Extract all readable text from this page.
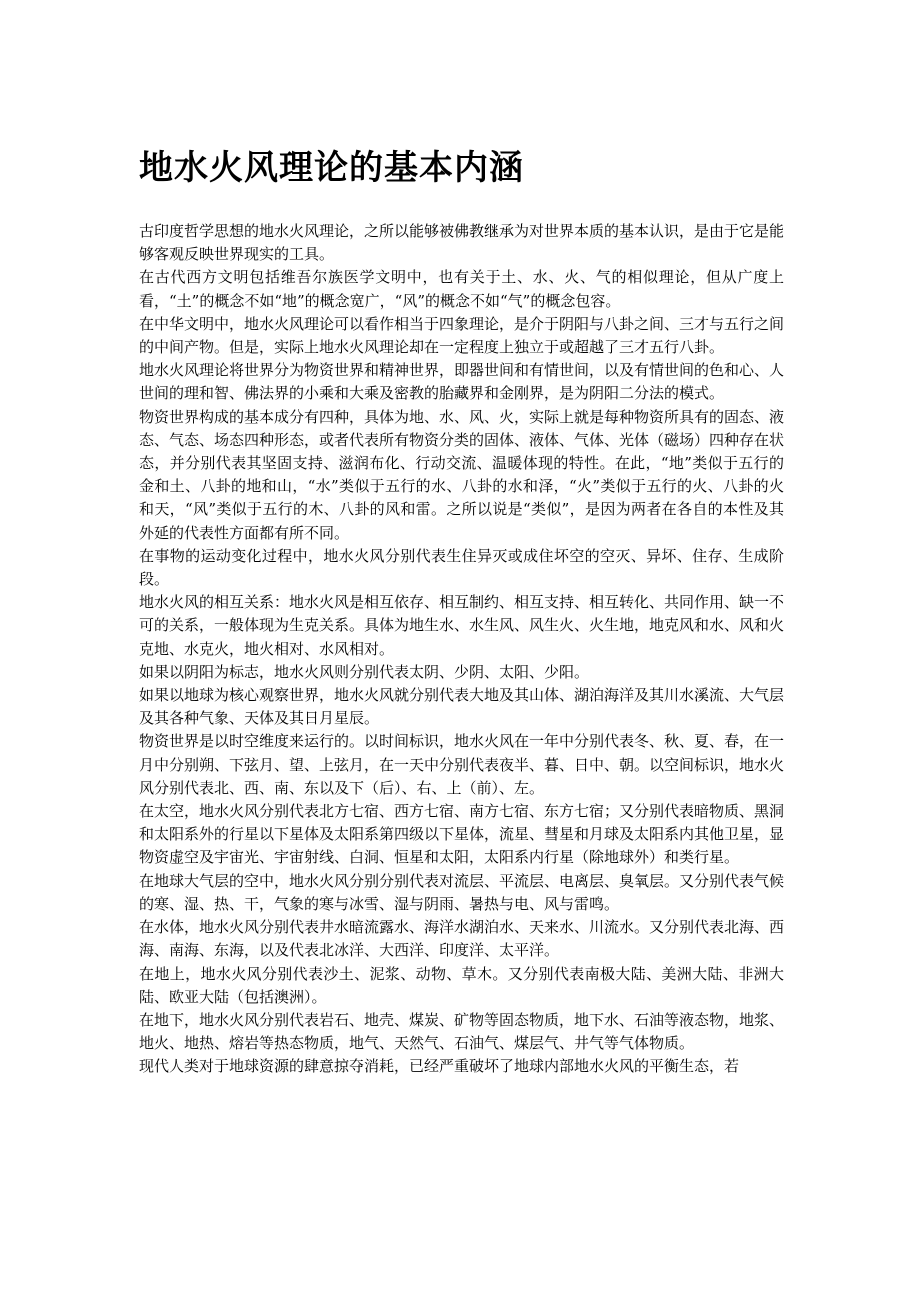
地水火风理论的基本内涵

古印度哲学思想的地水火风理论，之所以能够被佛教继承为对世界本质的基本认识，是由于它是能够客观反映世界现实的工具。

在古代西方文明包括维吾尔族医学文明中，也有关于土、水、火、气的相似理论，但从广度上看，“土”的概念不如“地”的概念宽广，“风”的概念不如“气”的概念包容。

在中华文明中，地水火风理论可以看作相当于四象理论，是介于阴阳与八卦之间、三才与五行之间的中间产物。但是，实际上地水火风理论却在一定程度上独立于或超越了三才五行八卦。

地水火风理论将世界分为物资世界和精神世界，即器世间和有情世间，以及有情世间的色和心、人世间的理和智、佛法界的小乘和大乘及密教的胎藏界和金刚界，是为阴阳二分法的模式。

物资世界构成的基本成分有四种，具体为地、水、风、火，实际上就是每种物资所具有的固态、液态、气态、场态四种形态，或者代表所有物资分类的固体、液体、气体、光体（磁场）四种存在状态，并分别代表其坚固支持、滋润布化、行动交流、温暖体现的特性。在此，“地”类似于五行的金和土、八卦的地和山，“水”类似于五行的水、八卦的水和泽，“火”类似于五行的火、八卦的火和天，“风”类似于五行的木、八卦的风和雷。之所以说是“类似”，是因为两者在各自的本性及其外延的代表性方面都有所不同。

在事物的运动变化过程中，地水火风分别代表生住异灭或成住坏空的空灭、异坏、住存、生成阶段。

地水火风的相互关系：地水火风是相互依存、相互制约、相互支持、相互转化、共同作用、缺一不可的关系，一般体现为生克关系。具体为地生水、水生风、风生火、火生地，地克风和水、风和火克地、水克火，地火相对、水风相对。

如果以阴阳为标志，地水火风则分别代表太阴、少阴、太阳、少阳。

如果以地球为核心观察世界，地水火风就分别代表大地及其山体、湖泊海洋及其川水溪流、大气层及其各种气象、天体及其日月星辰。

物资世界是以时空维度来运行的。以时间标识，地水火风在一年中分别代表冬、秋、夏、春，在一月中分别朔、下弦月、望、上弦月，在一天中分别代表夜半、暮、日中、朝。以空间标识，地水火风分别代表北、西、南、东以及下（后）、右、上（前）、左。

在太空，地水火风分别代表北方七宿、西方七宿、南方七宿、东方七宿；又分别代表暗物质、黑洞和太阳系外的行星以下星体及太阳系第四级以下星体，流星、彗星和月球及太阳系内其他卫星，显物资虚空及宇宙光、宇宙射线、白洞、恒星和太阳，太阳系内行星（除地球外）和类行星。

在地球大气层的空中，地水火风分别分别代表对流层、平流层、电离层、臭氧层。又分别代表气候的寒、湿、热、干，气象的寒与冰雪、湿与阴雨、暑热与电、风与雷鸣。

在水体，地水火风分别代表井水暗流露水、海洋水湖泊水、天来水、川流水。又分别代表北海、西海、南海、东海，以及代表北冰洋、大西洋、印度洋、太平洋。

在地上，地水火风分别代表沙土、泥浆、动物、草木。又分别代表南极大陆、美洲大陆、非洲大陆、欧亚大陆（包括澳洲）。

在地下，地水火风分别代表岩石、地壳、煤炭、矿物等固态物质，地下水、石油等液态物，地浆、地火、地热、熔岩等热态物质，地气、天然气、石油气、煤层气、井气等气体物质。

现代人类对于地球资源的肆意掠夺消耗，已经严重破坏了地球内部地水火风的平衡生态，若
